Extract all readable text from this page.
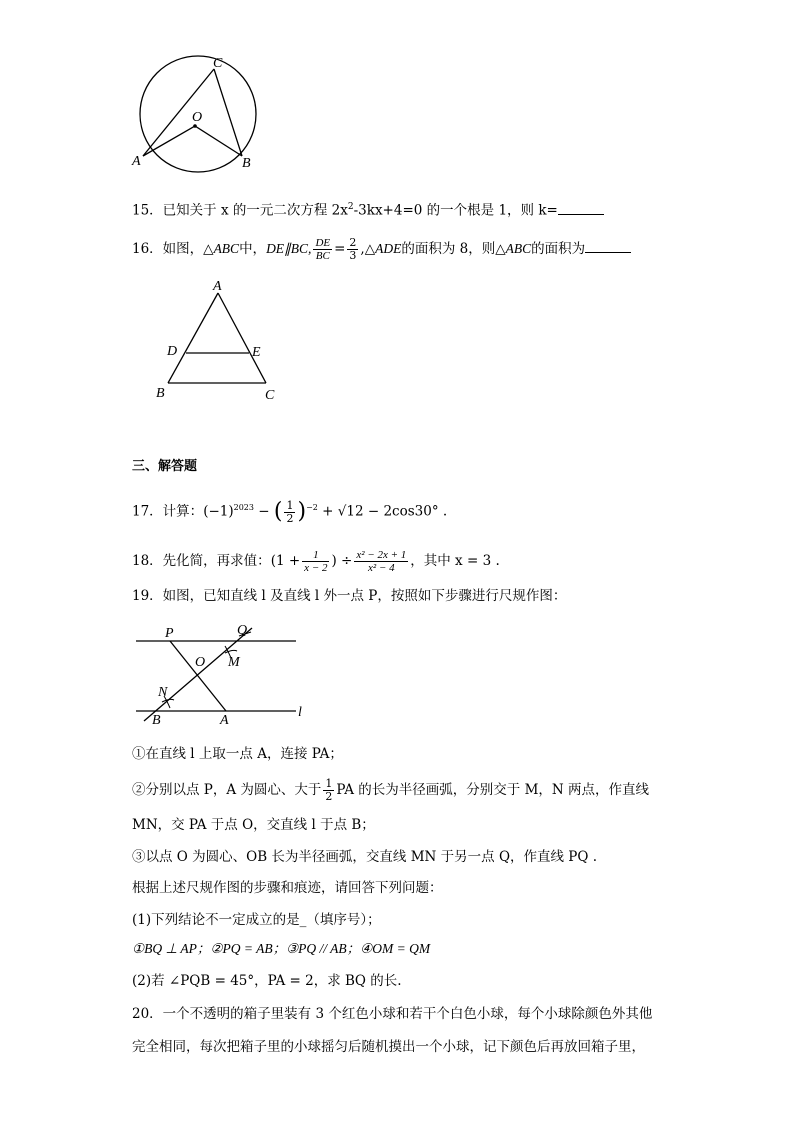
C
O
A	B
15．已知关于 x 的一元二次方程 $2x^2-3kx+4=0$ 的一个根是 1，则 k=
16．如图，△ABC中，DE∥BC, $\frac{DE}{BC} = \frac{2}{3}$ ,△ADE的面积为 8，则△ABC的面积为
A
D	E
B	C
三、解答题
17．计算：$(-1)^{2023}$ − ( $\frac{1}{2} )^{-2} + √12 - 2\cos 30^\circ$ .
18．先化简，再求值：($1 + \frac{1}{x - 2}$ ) ÷ $\frac{\text{x² − 2x + 1}}{\text{x² − 4}}$ ，其中 x = 3 .
19．如图，已知直线 l 及直线 l 外一点 P，按照如下步骤进行尺规作图：
P	Q
O M
N
B	A
l
①在直线 l 上取一点 A，连接 PA；
②分别以点 P，A 为圆心、大于 $\frac{1}{2}$ PA 的长为半径画弧，分别交于 M，N 两点，作直线
MN，交 PA 于点 O，交直线 l 于点 B；
③以点 O 为圆心、OB 长为半径画弧，交直线 MN 于另一点 Q，作直线 PQ .
根据上述尺规作图的步骤和痕迹，请回答下列问题：
(1)下列结论不一定成立的是_（填序号）；
①BQ ⊥ AP；②PQ = AB；③PQ // AB；④OM = QM
(2)若 ∠PQB = 45°，PA = 2，求 BQ 的长.
20．一个不透明的箱子里装有 3 个红色小球和若干个白色小球，每个小球除颜色外其他
完全相同，每次把箱子里的小球摇匀后随机摸出一个小球，记下颜色后再放回箱子里，
